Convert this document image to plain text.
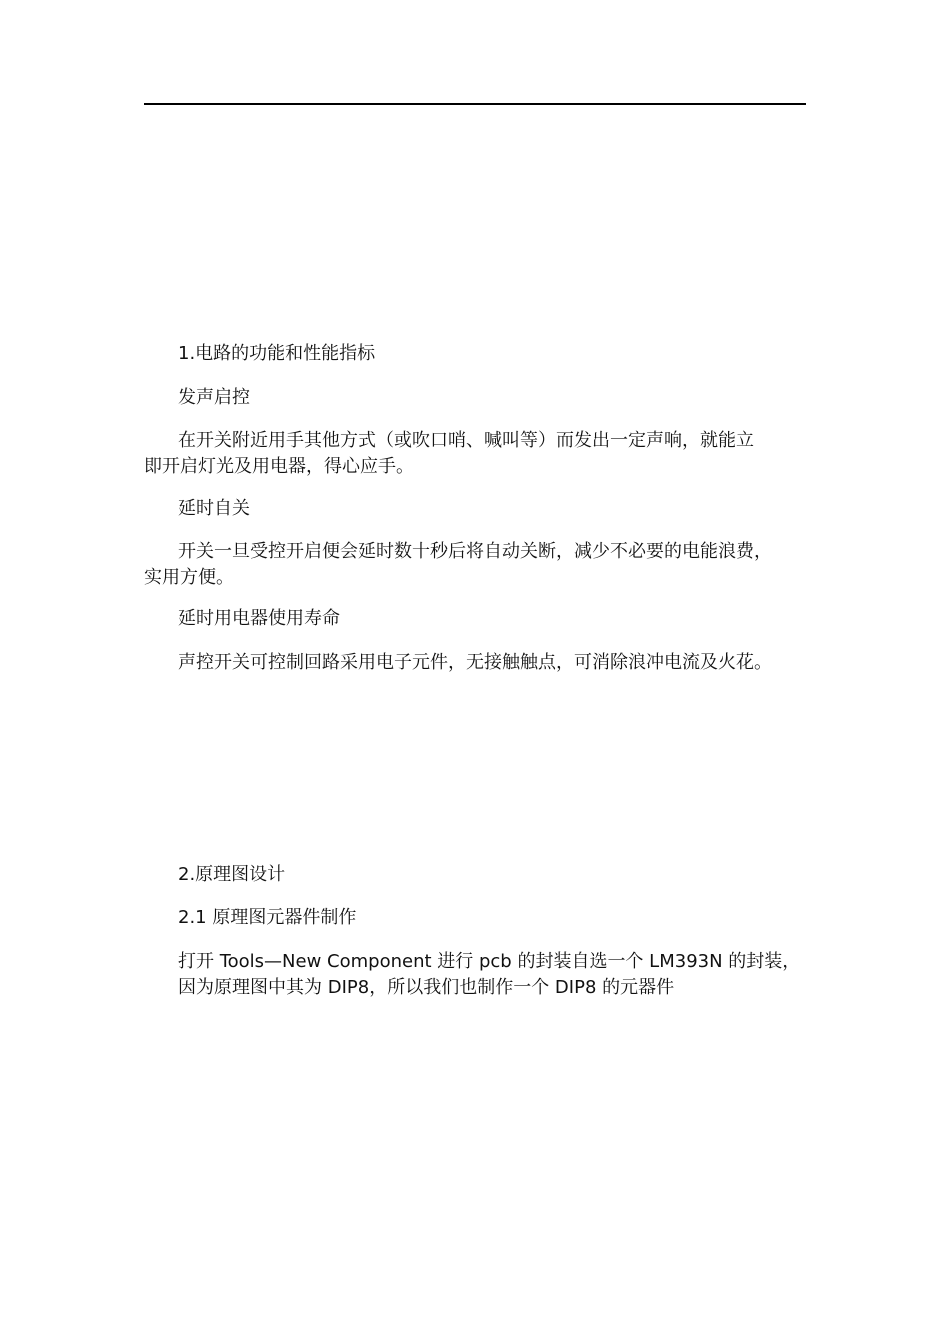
1.电路的功能和性能指标
发声启控
在开关附近用手其他方式（或吹口哨、喊叫等）而发出一定声响，就能立
即开启灯光及用电器，得心应手。
延时自关
开关一旦受控开启便会延时数十秒后将自动关断，减少不必要的电能浪费，
实用方便。
延时用电器使用寿命
声控开关可控制回路采用电子元件，无接触触点，可消除浪冲电流及火花。
2.原理图设计
2.1 原理图元器件制作
打开 Tools—New Component 进行 pcb 的封装自选一个 LM393N 的封装，
因为原理图中其为 DIP8，所以我们也制作一个 DIP8 的元器件
